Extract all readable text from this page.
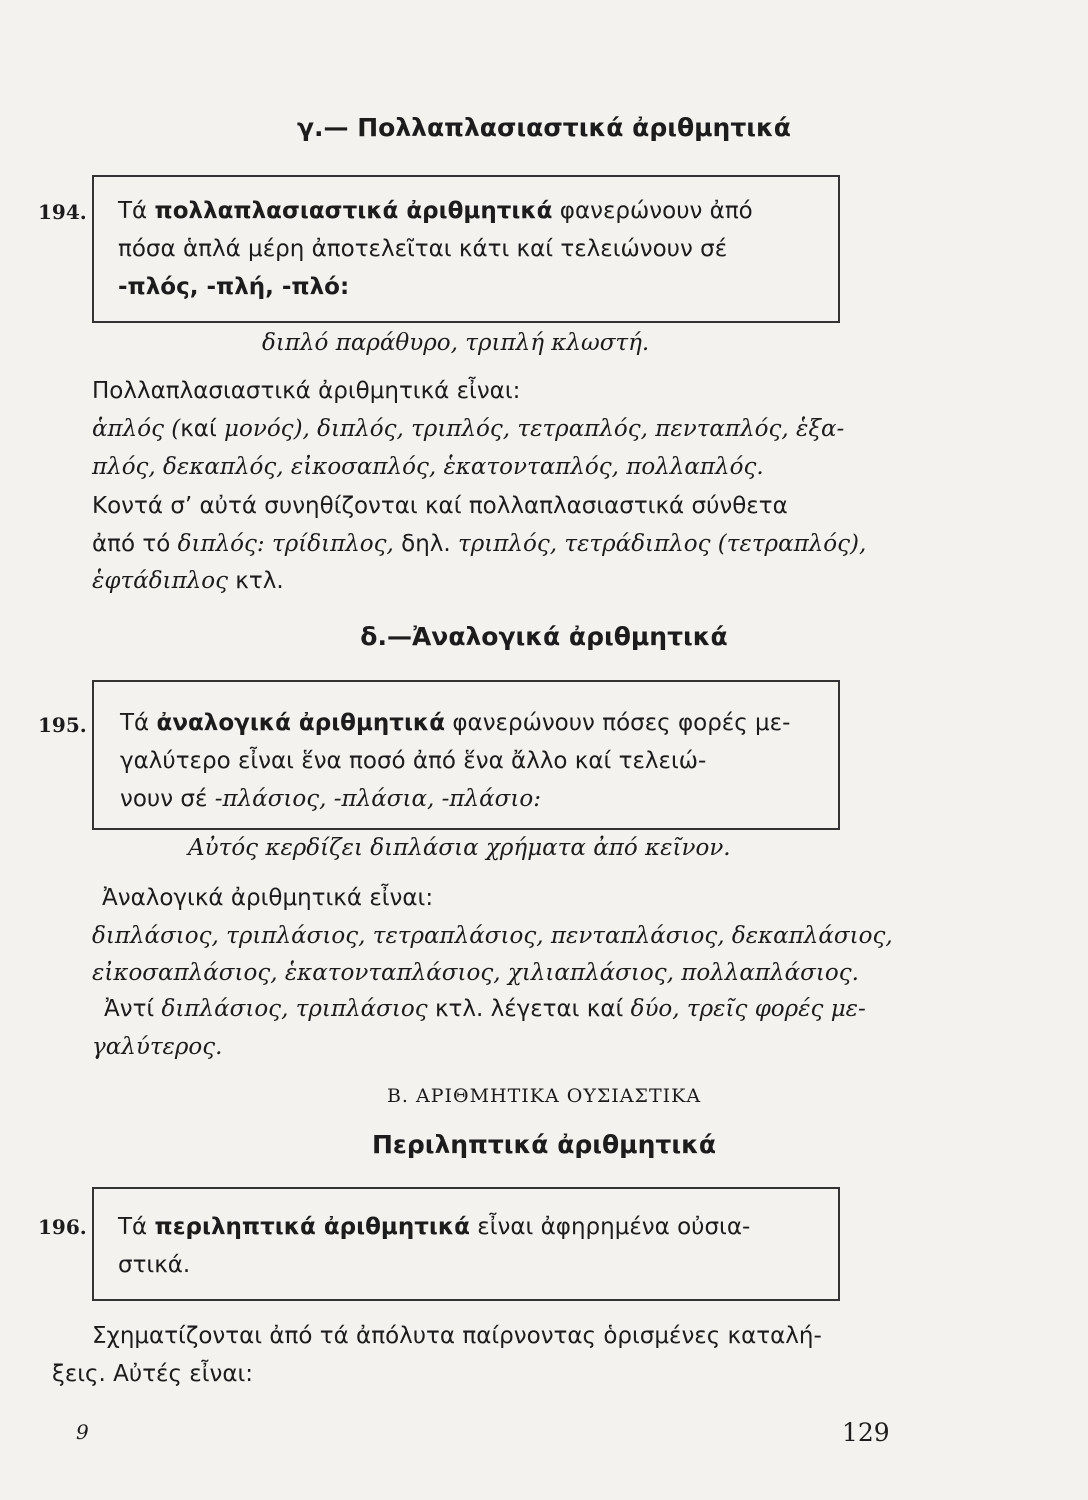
γ.— Πολλαπλασιαστικά ἀριθμητικά
194. Τά πολλαπλασιαστικά ἀριθμητικά φανερώνουν ἀπό
πόσα ἁπλά μέρη ἀποτελεῖται κάτι καί τελειώνουν σέ
-πλός, -πλή, -πλό:
διπλό παράθυρο, τριπλή κλωστή.
Πολλαπλασιαστικά ἀριθμητικά εἶναι:
ἁπλός (καί μονός), διπλός, τριπλός, τετραπλός, πενταπλός, ἑξα-
πλός, δεκαπλός, εἰκοσαπλός, ἑκατονταπλός, πολλαπλός.
Κοντά σ’ αὐτά συνηθίζονται καί πολλαπλασιαστικά σύνθετα
ἀπό τό διπλός: τρίδιπλος, δηλ. τριπλός, τετράδιπλος (τετραπλός),
ἑφτάδιπλος κτλ.
δ.—Ἀναλογικά ἀριθμητικά
195. Τά ἀναλογικά ἀριθμητικά φανερώνουν πόσες φορές με-
γαλύτερο εἶναι ἕνα ποσό ἀπό ἕνα ἄλλο καί τελειώ-
νουν σέ -πλάσιος, -πλάσια, -πλάσιο:
Αὐτός κερδίζει διπλάσια χρήματα ἀπό κεῖνον.
Ἀναλογικά ἀριθμητικά εἶναι:
διπλάσιος, τριπλάσιος, τετραπλάσιος, πενταπλάσιος, δεκαπλάσιος,
εἰκοσαπλάσιος, ἑκατονταπλάσιος, χιλιαπλάσιος, πολλαπλάσιος.
Ἀντί διπλάσιος, τριπλάσιος κτλ. λέγεται καί δύο, τρεῖς φορές με-
γαλύτερος.
Β. ΑΡΙΘΜΗΤΙΚΑ ΟΥΣΙΑΣΤΙΚΑ
Περιληπτικά ἀριθμητικά
196. Τά περιληπτικά ἀριθμητικά εἶναι ἀφηρημένα οὐσια-
στικά.
Σχηματίζονται ἀπό τά ἀπόλυτα παίρνοντας ὁρισμένες καταλή-
ξεις. Αὐτές εἶναι:
9	129
